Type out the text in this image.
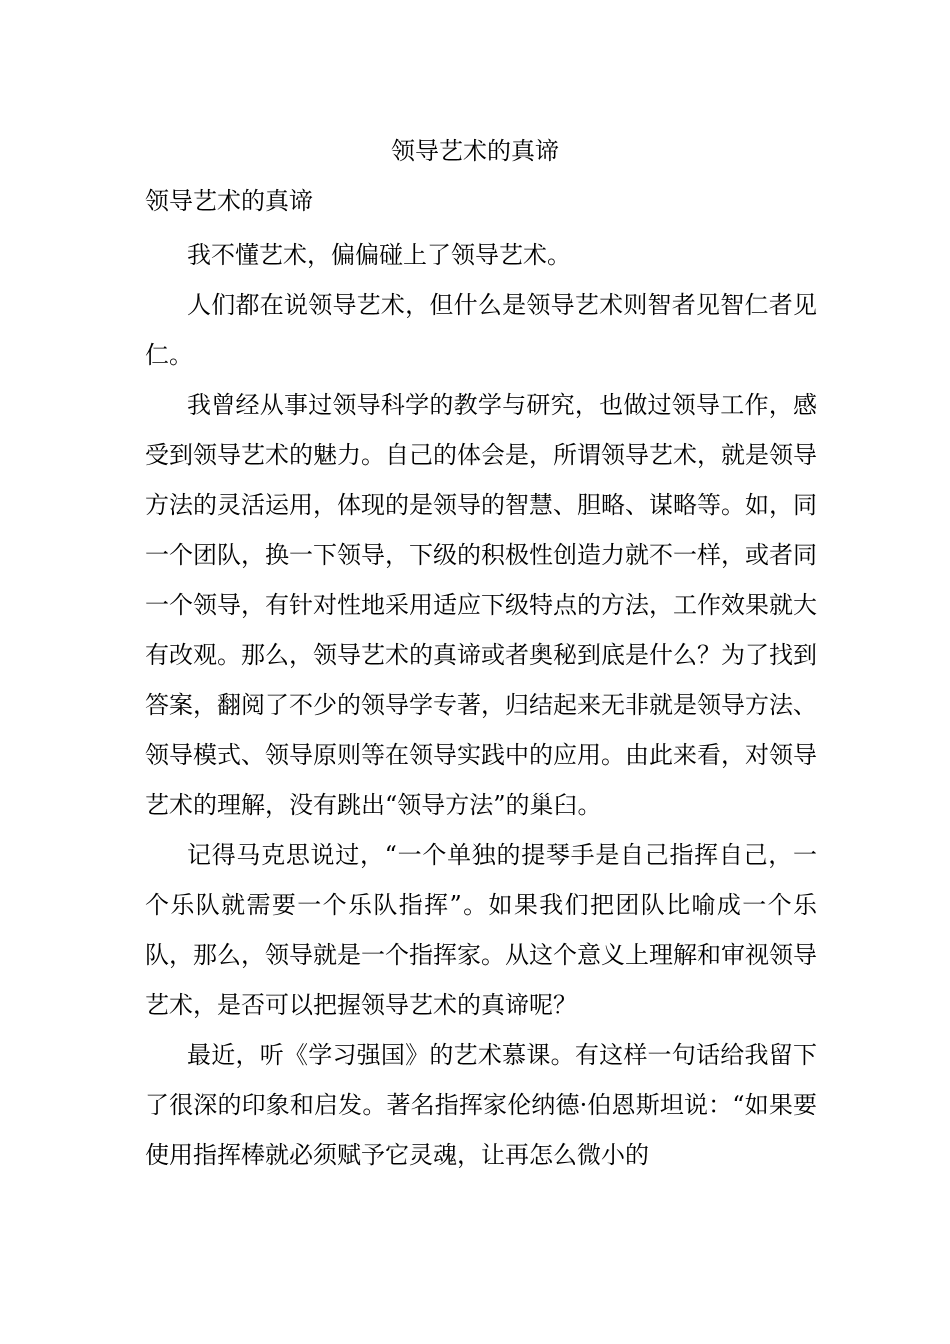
领导艺术的真谛

领导艺术的真谛

我不懂艺术，偏偏碰上了领导艺术。

人们都在说领导艺术，但什么是领导艺术则智者见智仁者见仁。

我曾经从事过领导科学的教学与研究，也做过领导工作，感受到领导艺术的魅力。自己的体会是，所谓领导艺术，就是领导方法的灵活运用，体现的是领导的智慧、胆略、谋略等。如，同一个团队，换一下领导，下级的积极性创造力就不一样，或者同一个领导，有针对性地采用适应下级特点的方法，工作效果就大有改观。那么，领导艺术的真谛或者奥秘到底是什么？为了找到答案，翻阅了不少的领导学专著，归结起来无非就是领导方法、领导模式、领导原则等在领导实践中的应用。由此来看，对领导艺术的理解，没有跳出“领导方法”的巢臼。

记得马克思说过，“一个单独的提琴手是自己指挥自己，一个乐队就需要一个乐队指挥”。如果我们把团队比喻成一个乐队，那么，领导就是一个指挥家。从这个意义上理解和审视领导艺术，是否可以把握领导艺术的真谛呢？

最近，听《学习强国》的艺术慕课。有这样一句话给我留下了很深的印象和启发。著名指挥家伦纳德·伯恩斯坦说：“如果要使用指挥棒就必须赋予它灵魂，让再怎么微小的
